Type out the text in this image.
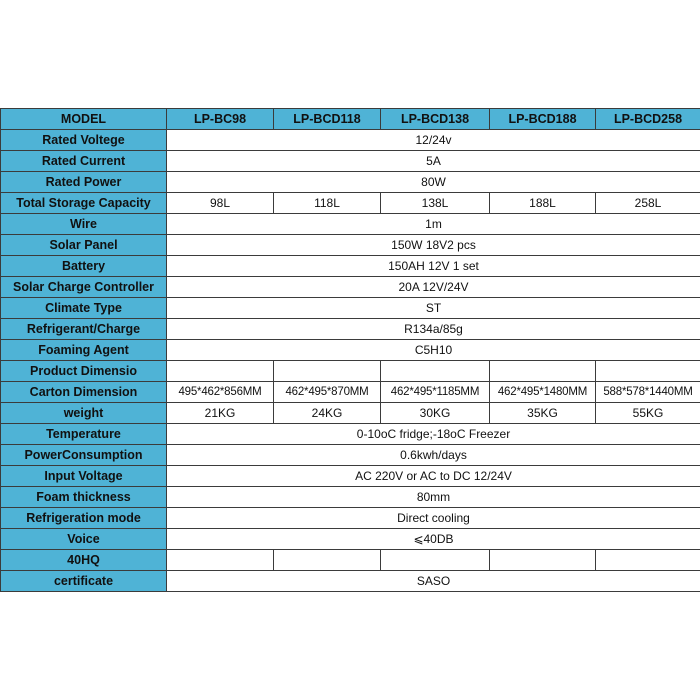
MODEL	LP-BC98	LP-BCD118	LP-BCD138	LP-BCD188	LP-BCD258
Rated Voltege	12/24v				
Rated Current	5A				
Rated Power	80W				
Total Storage Capacity	98L	118L	138L	188L	258L
Wire	1m				
Solar Panel	150W 18V2 pcs				
Battery	150AH 12V 1 set				
Solar Charge Controller	20A 12V/24V				
Climate Type	ST				
Refrigerant/Charge	R134a/85g				
Foaming Agent	C5H10				
Product Dimensio					
Carton Dimension	495*462*856MM	462*495*870MM	462*495*1185MM	462*495*1480MM	588*578*1440MM
weight	21KG	24KG	30KG	35KG	55KG
Temperature	0-10oC fridge;-18oC Freezer				
PowerConsumption	0.6kwh/days				
Input Voltage	AC 220V or AC to DC 12/24V				
Foam thickness	80mm				
Refrigeration mode	Direct cooling				
Voice	⩽40DB				
40HQ					
certificate	SASO				
